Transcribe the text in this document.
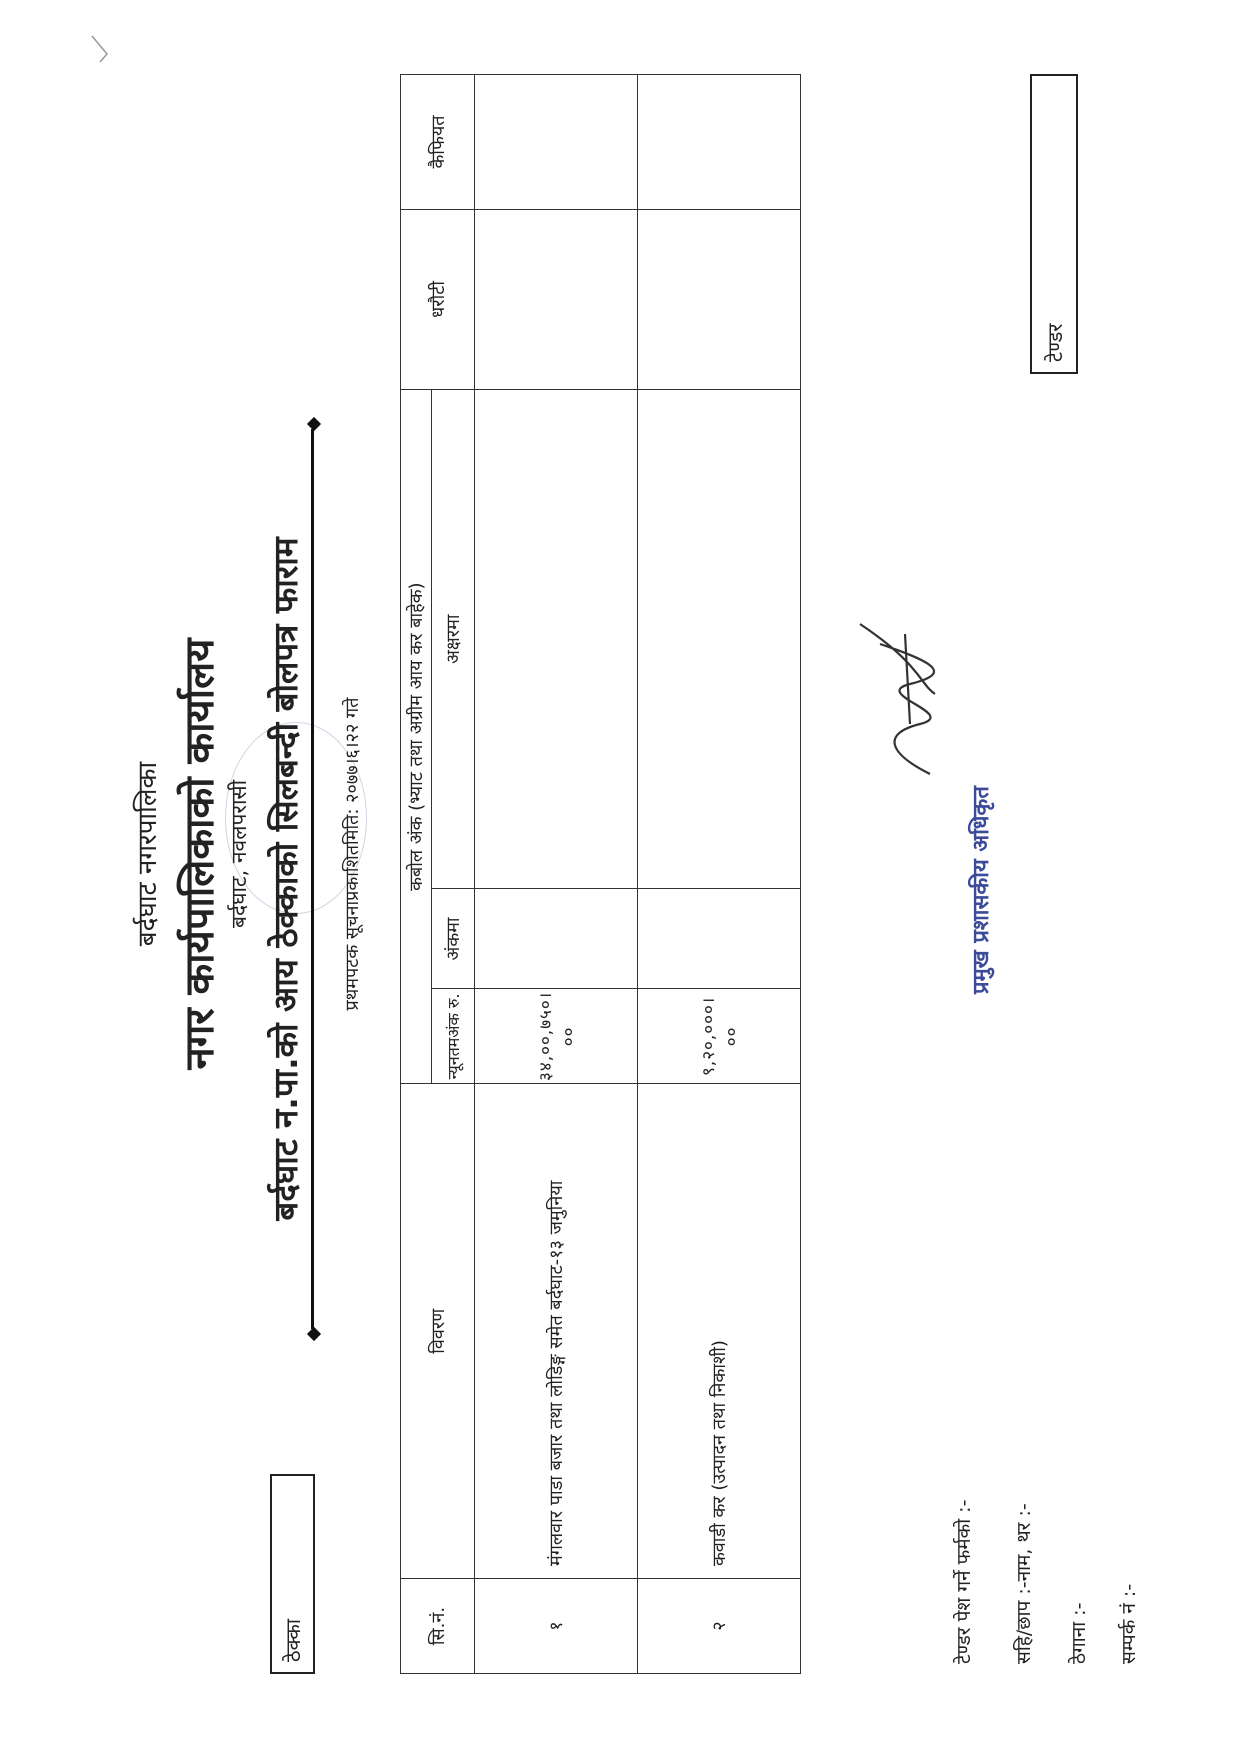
ठेक्का
टेण्डर
बर्दघाट नगरपालिका नगर कार्यपालिकाको कार्यालय बर्दघाट, नवलपरासी बर्दघाट न.पा.को आय ठेक्काको सिलबन्दी बोलपत्र फाराम	प्रथमपटक सूचनाप्रकाशितमिति: २०७७।६।२२ गते
सि.नं.	विवरण	कबोल अंक (भ्याट तथा अग्रीम आय कर बाहेक)			धरौटी	कैफियत
		न्यूनतमअंक रु.	अंकमा	अक्षरमा		
१	मंगलवार पाडा बजार तथा लोडिङ्ग समेत बर्दघाट-१३ जमुनिया	३४,००,७५०।००				
२	कवाडी कर (उत्पादन तथा निकाशी)	९,२०,०००।००				
टेण्डर पेश गर्ने फर्मको :- सहि/छाप :-नाम, थर :- ठेगाना :- सम्पर्क नं :-
प्रमुख प्रशासकीय अधिकृत
